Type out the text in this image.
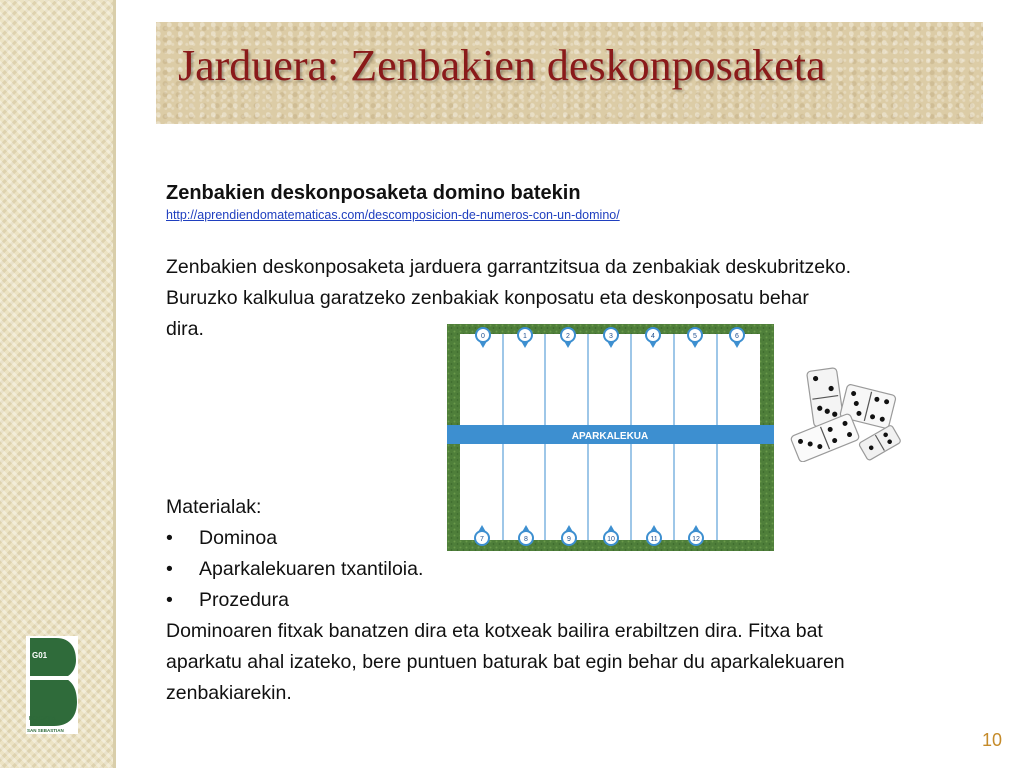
G01
DONOSTIA
SAN SEBASTIAN
Jarduera: Zenbakien deskonposaketa
Zenbakien deskonposaketa domino batekin
http://aprendiendomatematicas.com/descomposicion-de-numeros-con-un-domino/
Zenbakien deskonposaketa jarduera garrantzitsua da zenbakiak deskubritzeko.
Buruzko kalkulua garatzeko zenbakiak konposatu eta deskonposatu behar
dira.
Materialak:
• Dominoa
• Aparkalekuaren txantiloia.
• Prozedura
Dominoaren fitxak banatzen dira eta kotxeak bailira erabiltzen dira. Fitxa bat
aparkatu ahal izateko, bere puntuen baturak bat egin behar du aparkalekuaren
zenbakiarekin.
APARKALEKUA
0	1	2	3	4	5	6
7	8	9	10	11	12
10
